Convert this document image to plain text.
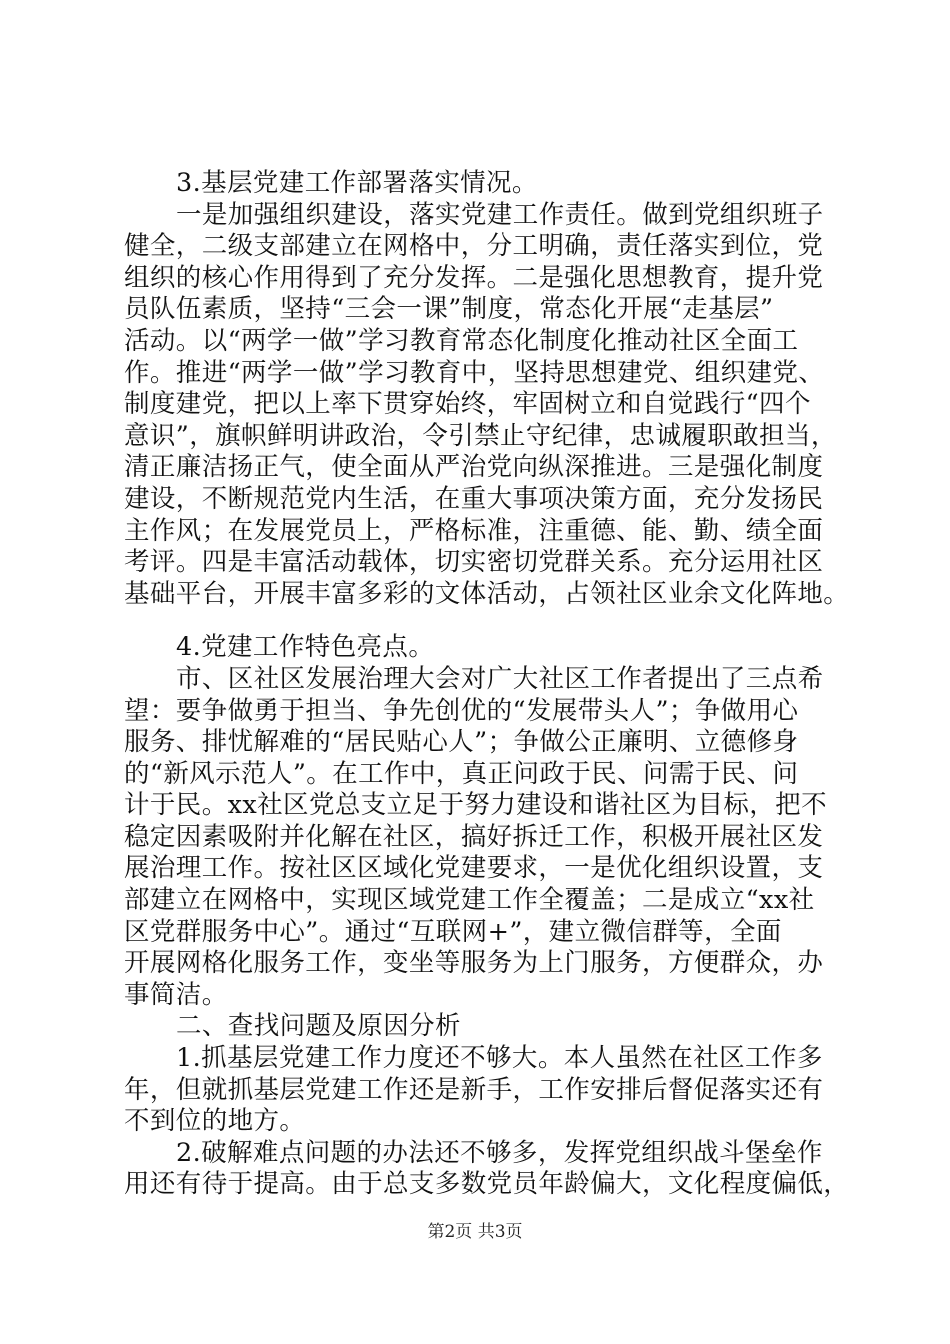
3.基层党建工作部署落实情况。
一是加强组织建设，落实党建工作责任。做到党组织班子
健全，二级支部建立在网格中，分工明确，责任落实到位，党
组织的核心作用得到了充分发挥。二是强化思想教育，提升党
员队伍素质，坚持“三会一课”制度，常态化开展“走基层”
活动。以“两学一做”学习教育常态化制度化推动社区全面工
作。推进“两学一做”学习教育中，坚持思想建党、组织建党、
制度建党，把以上率下贯穿始终，牢固树立和自觉践行“四个
意识”，旗帜鲜明讲政治，令引禁止守纪律，忠诚履职敢担当，
清正廉洁扬正气，使全面从严治党向纵深推进。三是强化制度
建设，不断规范党内生活，在重大事项决策方面，充分发扬民
主作风；在发展党员上，严格标准，注重德、能、勤、绩全面
考评。四是丰富活动载体，切实密切党群关系。充分运用社区
基础平台，开展丰富多彩的文体活动，占领社区业余文化阵地。
4.党建工作特色亮点。
市、区社区发展治理大会对广大社区工作者提出了三点希
望：要争做勇于担当、争先创优的“发展带头人”；争做用心
服务、排忧解难的“居民贴心人”；争做公正廉明、立德修身
的“新风示范人”。在工作中，真正问政于民、问需于民、问
计于民。xx社区党总支立足于努力建设和谐社区为目标，把不
稳定因素吸附并化解在社区，搞好拆迁工作，积极开展社区发
展治理工作。按社区区域化党建要求，一是优化组织设置，支
部建立在网格中，实现区域党建工作全覆盖；二是成立“xx社
区党群服务中心”。通过“互联网+”，建立微信群等，全面
开展网格化服务工作，变坐等服务为上门服务，方便群众，办
事简洁。
二、查找问题及原因分析
1.抓基层党建工作力度还不够大。本人虽然在社区工作多
年，但就抓基层党建工作还是新手，工作安排后督促落实还有
不到位的地方。
2.破解难点问题的办法还不够多，发挥党组织战斗堡垒作
用还有待于提高。由于总支多数党员年龄偏大，文化程度偏低，
第2页 共3页
